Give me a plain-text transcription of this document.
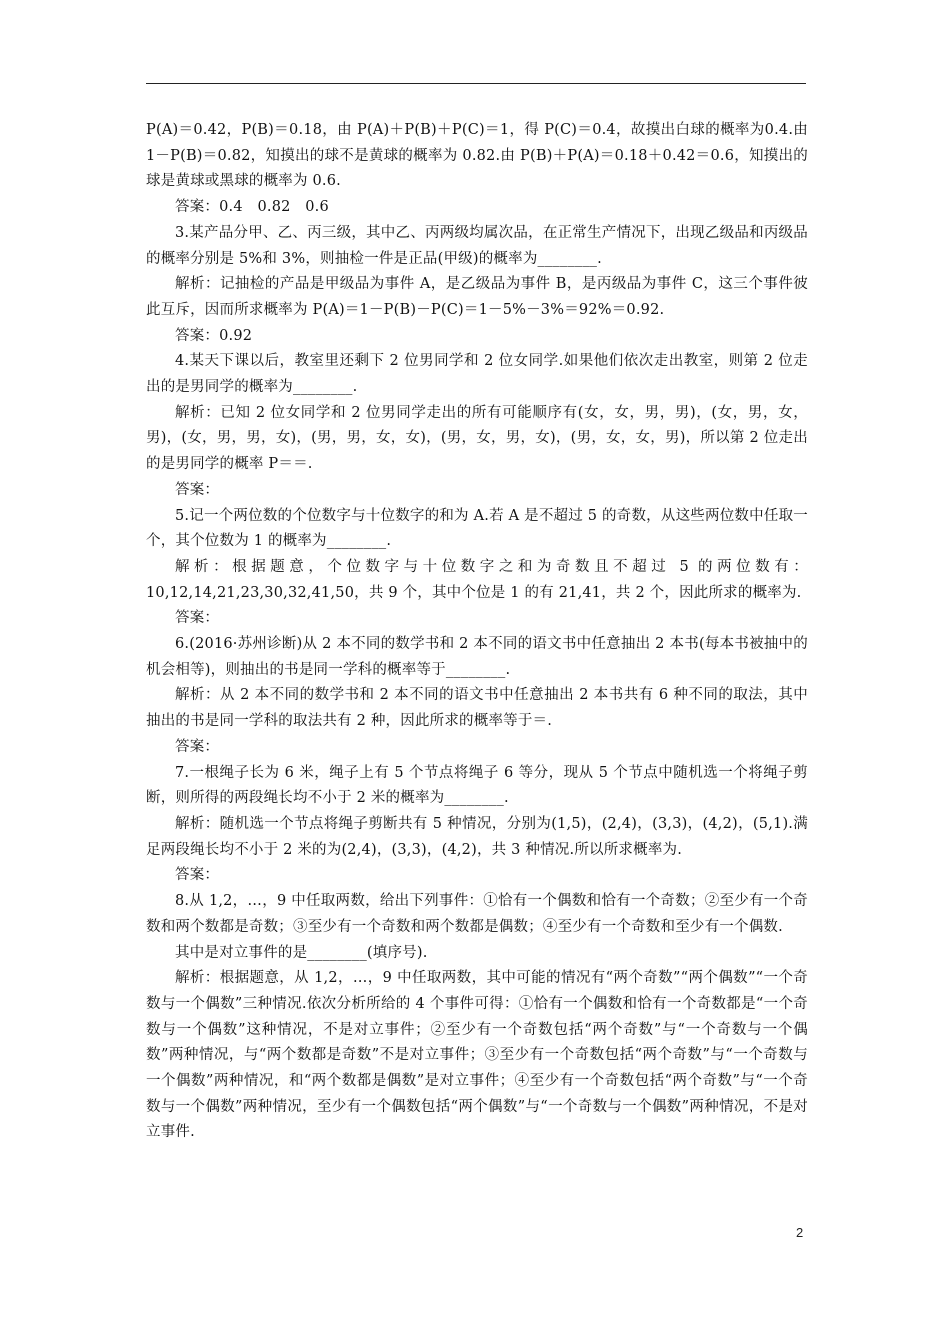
P(A)＝0.42，P(B)＝0.18，由 P(A)＋P(B)＋P(C)＝1，得 P(C)＝0.4，故摸出白球的概率为0.4.由 1－P(B)＝0.82，知摸出的球不是黄球的概率为 0.82.由 P(B)＋P(A)＝0.18＋0.42＝0.6，知摸出的球是黄球或黑球的概率为 0.6.

答案：0.4　0.82　0.6

3.某产品分甲、乙、丙三级，其中乙、丙两级均属次品，在正常生产情况下，出现乙级品和丙级品的概率分别是 5%和 3%，则抽检一件是正品(甲级)的概率为________.

解析：记抽检的产品是甲级品为事件 A，是乙级品为事件 B，是丙级品为事件 C，这三个事件彼此互斥，因而所求概率为 P(A)＝1－P(B)－P(C)＝1－5%－3%＝92%＝0.92.

答案：0.92

4.某天下课以后，教室里还剩下 2 位男同学和 2 位女同学.如果他们依次走出教室，则第 2 位走出的是男同学的概率为________.

解析：已知 2 位女同学和 2 位男同学走出的所有可能顺序有(女，女，男，男)，(女，男，女，男)，(女，男，男，女)，(男，男，女，女)，(男，女，男，女)，(男，女，女，男)，所以第 2 位走出的是男同学的概率 P＝＝.

答案：

5.记一个两位数的个位数字与十位数字的和为 A.若 A 是不超过 5 的奇数，从这些两位数中任取一个，其个位数为 1 的概率为________.

解析：根据题意，个位数字与十位数字之和为奇数且不超过 5 的两位数有：10,12,14,21,23,30,32,41,50，共 9 个，其中个位是 1 的有 21,41，共 2 个，因此所求的概率为.

答案：

6.(2016·苏州诊断)从 2 本不同的数学书和 2 本不同的语文书中任意抽出 2 本书(每本书被抽中的机会相等)，则抽出的书是同一学科的概率等于________.

解析：从 2 本不同的数学书和 2 本不同的语文书中任意抽出 2 本书共有 6 种不同的取法，其中抽出的书是同一学科的取法共有 2 种，因此所求的概率等于＝.

答案：

7.一根绳子长为 6 米，绳子上有 5 个节点将绳子 6 等分，现从 5 个节点中随机选一个将绳子剪断，则所得的两段绳长均不小于 2 米的概率为________.

解析：随机选一个节点将绳子剪断共有 5 种情况，分别为(1,5)，(2,4)，(3,3)，(4,2)，(5,1).满足两段绳长均不小于 2 米的为(2,4)，(3,3)，(4,2)，共 3 种情况.所以所求概率为.

答案：

8.从 1,2，…，9 中任取两数，给出下列事件：①恰有一个偶数和恰有一个奇数；②至少有一个奇数和两个数都是奇数；③至少有一个奇数和两个数都是偶数；④至少有一个奇数和至少有一个偶数.

其中是对立事件的是________(填序号).

解析：根据题意，从 1,2，…，9 中任取两数，其中可能的情况有“两个奇数”“两个偶数”“一个奇数与一个偶数”三种情况.依次分析所给的 4 个事件可得：①恰有一个偶数和恰有一个奇数都是“一个奇数与一个偶数”这种情况，不是对立事件；②至少有一个奇数包括“两个奇数”与“一个奇数与一个偶数”两种情况，与“两个数都是奇数”不是对立事件；③至少有一个奇数包括“两个奇数”与“一个奇数与一个偶数”两种情况，和“两个数都是偶数”是对立事件；④至少有一个奇数包括“两个奇数”与“一个奇数与一个偶数”两种情况，至少有一个偶数包括“两个偶数”与“一个奇数与一个偶数”两种情况，不是对立事件.

2
